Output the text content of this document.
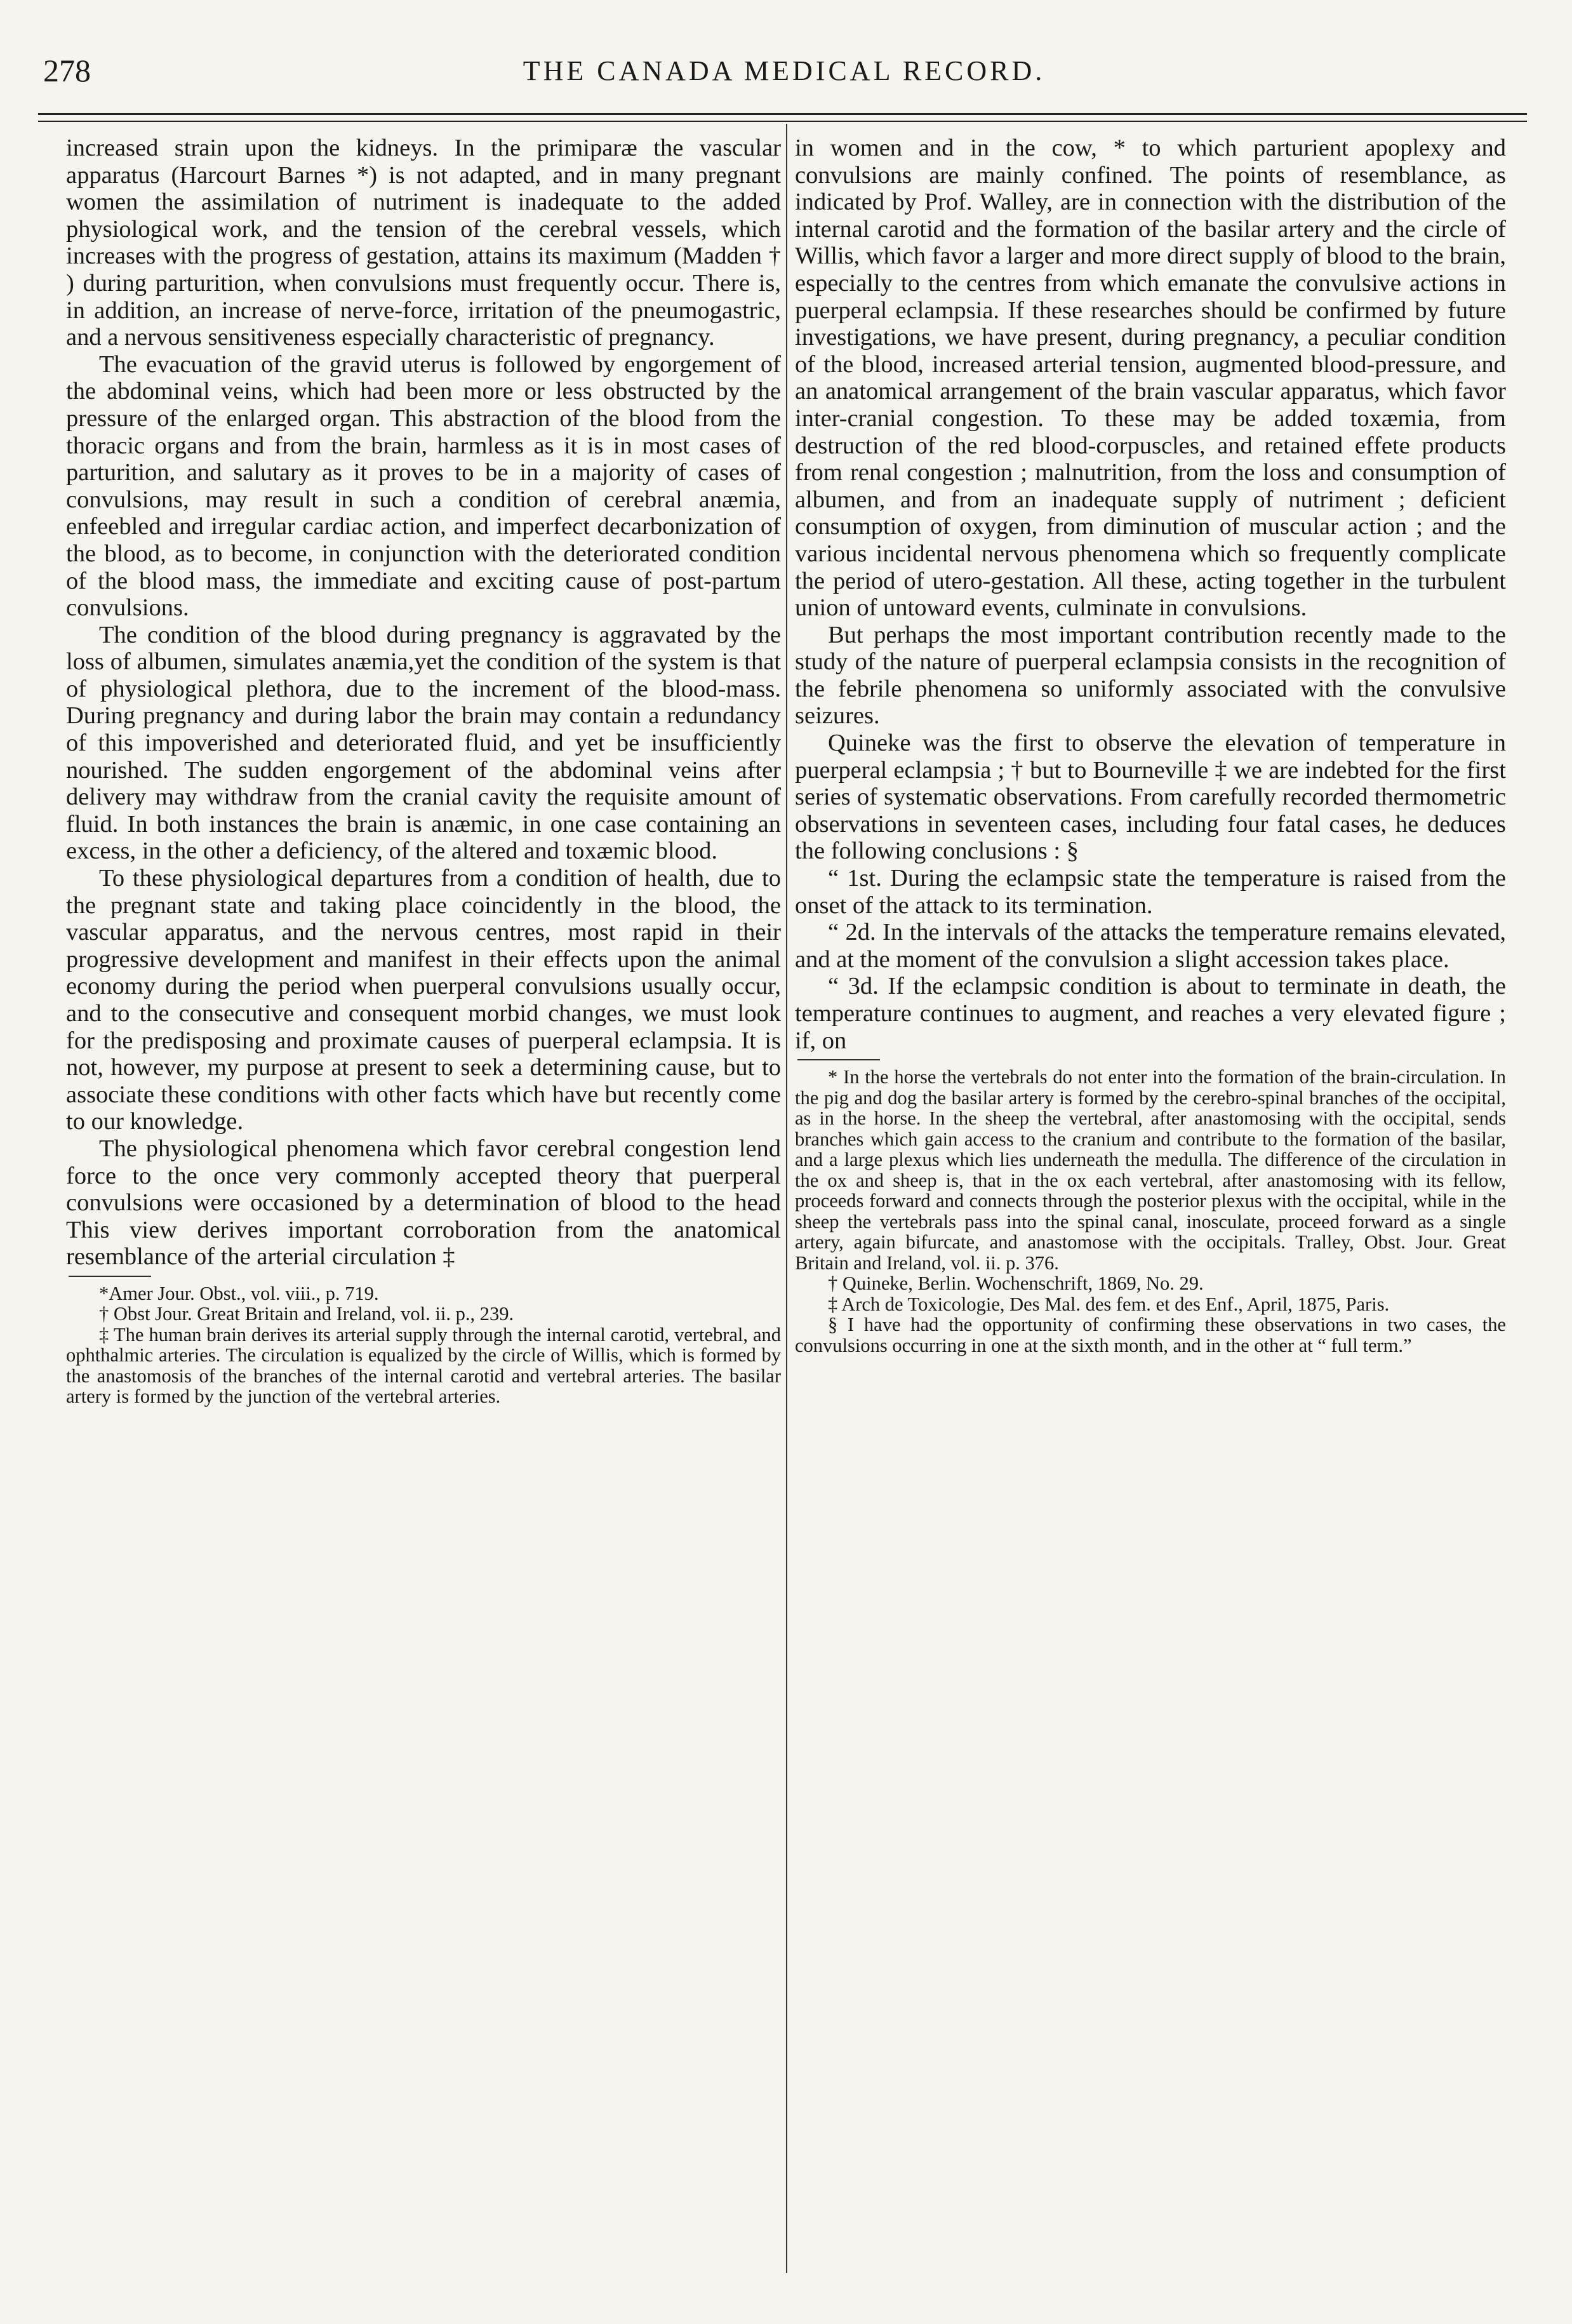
278	THE CANADA MEDICAL RECORD.

increased strain upon the kidneys. In the primiparæ the vascular apparatus (Harcourt Barnes *) is not adapted, and in many pregnant women the assimilation of nutriment is inadequate to the added physiological work, and the tension of the cerebral vessels, which increases with the progress of gestation, attains its maximum (Madden † ) during parturition, when convulsions must frequently occur. There is, in addition, an increase of nerve-force, irritation of the pneumogastric, and a nervous sensitiveness especially characteristic of pregnancy.

The evacuation of the gravid uterus is followed by engorgement of the abdominal veins, which had been more or less obstructed by the pressure of the enlarged organ. This abstraction of the blood from the thoracic organs and from the brain, harmless as it is in most cases of parturition, and salutary as it proves to be in a majority of cases of convulsions, may result in such a condition of cerebral anæmia, enfeebled and irregular cardiac action, and imperfect decarbonization of the blood, as to become, in conjunction with the deteriorated condition of the blood mass, the immediate and exciting cause of post-partum convulsions.

The condition of the blood during pregnancy is aggravated by the loss of albumen, simulates anæmia,yet the condition of the system is that of physiological plethora, due to the increment of the blood-mass. During pregnancy and during labor the brain may contain a redundancy of this impoverished and deteriorated fluid, and yet be insufficiently nourished. The sudden engorgement of the abdominal veins after delivery may withdraw from the cranial cavity the requisite amount of fluid. In both instances the brain is anæmic, in one case containing an excess, in the other a deficiency, of the altered and toxæmic blood.

To these physiological departures from a condition of health, due to the pregnant state and taking place coincidently in the blood, the vascular apparatus, and the nervous centres, most rapid in their progressive development and manifest in their effects upon the animal economy during the period when puerperal convulsions usually occur, and to the consecutive and consequent morbid changes, we must look for the predisposing and proximate causes of puerperal eclampsia. It is not, however, my purpose at present to seek a determining cause, but to associate these conditions with other facts which have but recently come to our knowledge.

The physiological phenomena which favor cerebral congestion lend force to the once very commonly accepted theory that puerperal convulsions were occasioned by a determination of blood to the head This view derives important corroboration from the anatomical resemblance of the arterial circulation ‡

*Amer Jour. Obst., vol. viii., p. 719.

† Obst Jour. Great Britain and Ireland, vol. ii. p., 239.

‡ The human brain derives its arterial supply through the internal carotid, vertebral, and ophthalmic arteries. The circulation is equalized by the circle of Willis, which is formed by the anastomosis of the branches of the internal carotid and vertebral arteries. The basilar artery is formed by the junction of the vertebral arteries.

in women and in the cow, * to which parturient apoplexy and convulsions are mainly confined. The points of resemblance, as indicated by Prof. Walley, are in connection with the distribution of the internal carotid and the formation of the basilar artery and the circle of Willis, which favor a larger and more direct supply of blood to the brain, especially to the centres from which emanate the convulsive actions in puerperal eclampsia. If these researches should be confirmed by future investigations, we have present, during pregnancy, a peculiar condition of the blood, increased arterial tension, augmented blood-pressure, and an anatomical arrangement of the brain vascular apparatus, which favor inter-cranial congestion. To these may be added toxæmia, from destruction of the red blood-corpuscles, and retained effete products from renal congestion ; malnutrition, from the loss and consumption of albumen, and from an inadequate supply of nutriment ; deficient consumption of oxygen, from diminution of muscular action ; and the various incidental nervous phenomena which so frequently complicate the period of utero-gestation. All these, acting together in the turbulent union of untoward events, culminate in convulsions.

But perhaps the most important contribution recently made to the study of the nature of puerperal eclampsia consists in the recognition of the febrile phenomena so uniformly associated with the convulsive seizures.

Quineke was the first to observe the elevation of temperature in puerperal eclampsia ; † but to Bourneville ‡ we are indebted for the first series of systematic observations. From carefully recorded thermometric observations in seventeen cases, including four fatal cases, he deduces the following conclusions : §

“ 1st. During the eclampsic state the temperature is raised from the onset of the attack to its termination.

“ 2d. In the intervals of the attacks the temperature remains elevated, and at the moment of the convulsion a slight accession takes place.

“ 3d. If the eclampsic condition is about to terminate in death, the temperature continues to augment, and reaches a very elevated figure ; if, on

* In the horse the vertebrals do not enter into the formation of the brain-circulation. In the pig and dog the basilar artery is formed by the cerebro-spinal branches of the occipital, as in the horse. In the sheep the vertebral, after anastomosing with the occipital, sends branches which gain access to the cranium and contribute to the formation of the basilar, and a large plexus which lies underneath the medulla. The difference of the circulation in the ox and sheep is, that in the ox each vertebral, after anastomosing with its fellow, proceeds forward and connects through the posterior plexus with the occipital, while in the sheep the vertebrals pass into the spinal canal, inosculate, proceed forward as a single artery, again bifurcate, and anastomose with the occipitals. Tralley, Obst. Jour. Great Britain and Ireland, vol. ii. p. 376.

† Quineke, Berlin. Wochenschrift, 1869, No. 29.

‡ Arch de Toxicologie, Des Mal. des fem. et des Enf., April, 1875, Paris.

§ I have had the opportunity of confirming these observations in two cases, the convulsions occurring in one at the sixth month, and in the other at “ full term.”
